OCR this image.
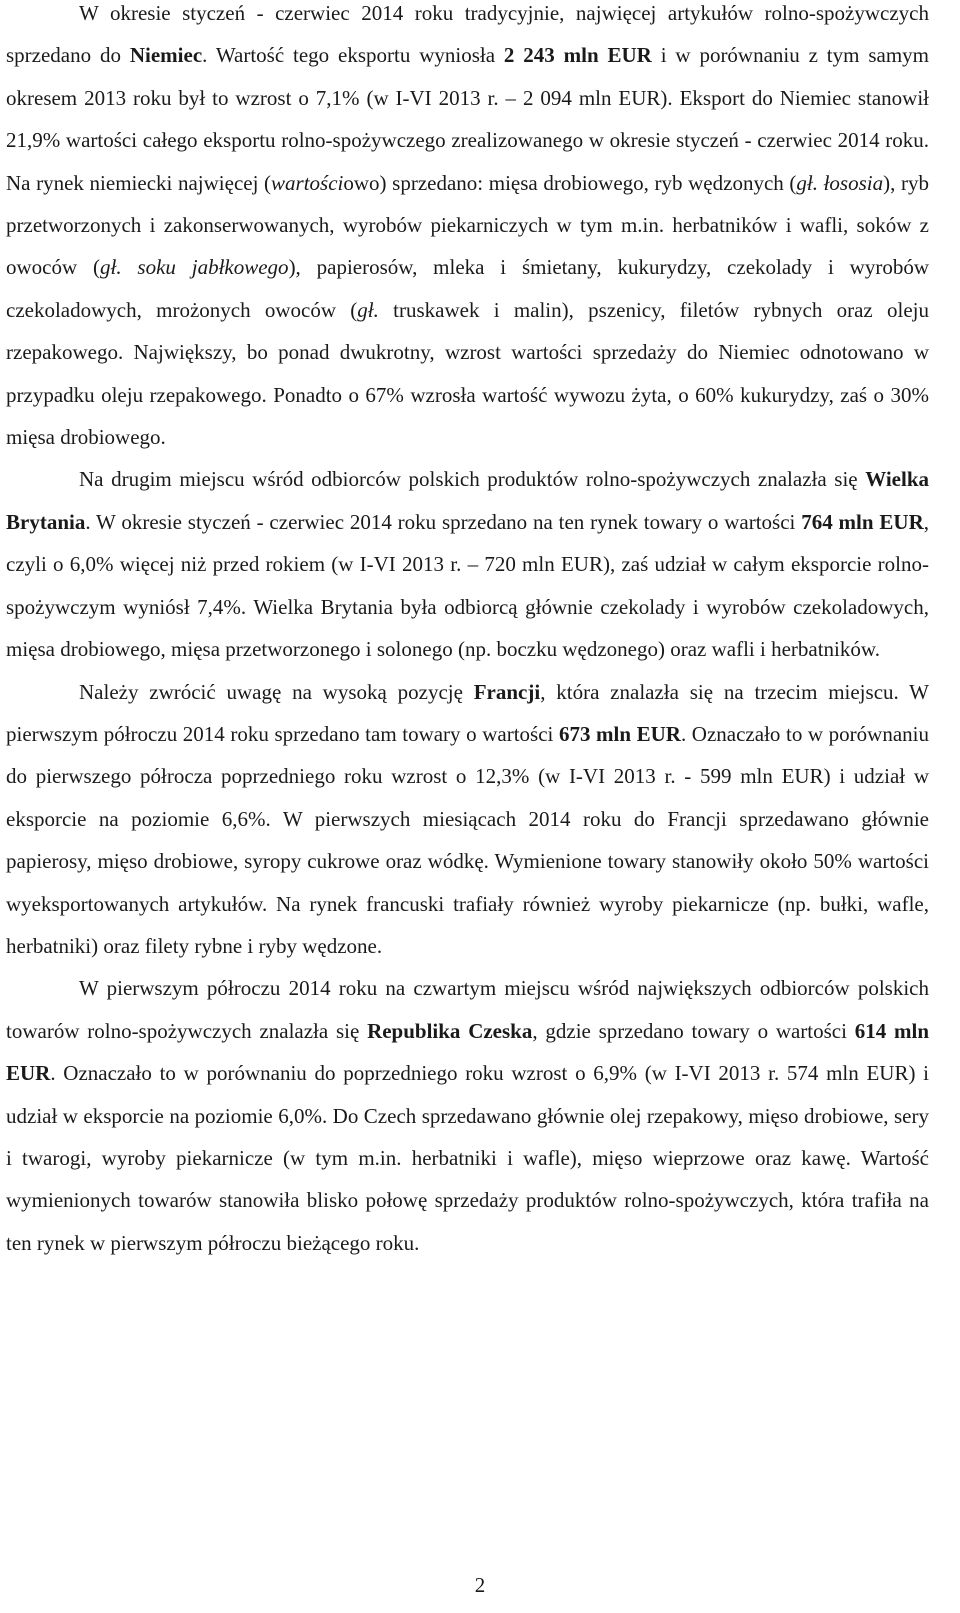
W okresie styczeń - czerwiec 2014 roku tradycyjnie, najwięcej artykułów rolno-spożywczych sprzedano do Niemiec. Wartość tego eksportu wyniosła 2 243 mln EUR i w porównaniu z tym samym okresem 2013 roku był to wzrost o 7,1% (w I-VI 2013 r. – 2 094 mln EUR). Eksport do Niemiec stanowił 21,9% wartości całego eksportu rolno-spożywczego zrealizowanego w okresie styczeń - czerwiec 2014 roku. Na rynek niemiecki najwięcej (wartościowo) sprzedano: mięsa drobiowego, ryb wędzonych (gł. łososia), ryb przetworzonych i zakonserwowanych, wyrobów piekarniczych w tym m.in. herbatników i wafli, soków z owoców (gł. soku jabłkowego), papierosów, mleka i śmietany, kukurydzy, czekolady i wyrobów czekoladowych, mrożonych owoców (gł. truskawek i malin), pszenicy, filetów rybnych oraz oleju rzepakowego. Największy, bo ponad dwukrotny, wzrost wartości sprzedaży do Niemiec odnotowano w przypadku oleju rzepakowego. Ponadto o 67% wzrosła wartość wywozu żyta, o 60% kukurydzy, zaś o 30% mięsa drobiowego.

Na drugim miejscu wśród odbiorców polskich produktów rolno-spożywczych znalazła się Wielka Brytania. W okresie styczeń - czerwiec 2014 roku sprzedano na ten rynek towary o wartości 764 mln EUR, czyli o 6,0% więcej niż przed rokiem (w I-VI 2013 r. – 720 mln EUR), zaś udział w całym eksporcie rolno-spożywczym wyniósł 7,4%. Wielka Brytania była odbiorcą głównie czekolady i wyrobów czekoladowych, mięsa drobiowego, mięsa przetworzonego i solonego (np. boczku wędzonego) oraz wafli i herbatników.

Należy zwrócić uwagę na wysoką pozycję Francji, która znalazła się na trzecim miejscu. W pierwszym półroczu 2014 roku sprzedano tam towary o wartości 673 mln EUR. Oznaczało to w porównaniu do pierwszego półrocza poprzedniego roku wzrost o 12,3% (w I-VI 2013 r. - 599 mln EUR) i udział w eksporcie na poziomie 6,6%. W pierwszych miesiącach 2014 roku do Francji sprzedawano głównie papierosy, mięso drobiowe, syropy cukrowe oraz wódkę. Wymienione towary stanowiły około 50% wartości wyeksportowanych artykułów. Na rynek francuski trafiały również wyroby piekarnicze (np. bułki, wafle, herbatniki) oraz filety rybne i ryby wędzone.

W pierwszym półroczu 2014 roku na czwartym miejscu wśród największych odbiorców polskich towarów rolno-spożywczych znalazła się Republika Czeska, gdzie sprzedano towary o wartości 614 mln EUR. Oznaczało to w porównaniu do poprzedniego roku wzrost o 6,9% (w I-VI 2013 r. 574 mln EUR) i udział w eksporcie na poziomie 6,0%. Do Czech sprzedawano głównie olej rzepakowy, mięso drobiowe, sery i twarogi, wyroby piekarnicze (w tym m.in. herbatniki i wafle), mięso wieprzowe oraz kawę. Wartość wymienionych towarów stanowiła blisko połowę sprzedaży produktów rolno-spożywczych, która trafiła na ten rynek w pierwszym półroczu bieżącego roku.

2
